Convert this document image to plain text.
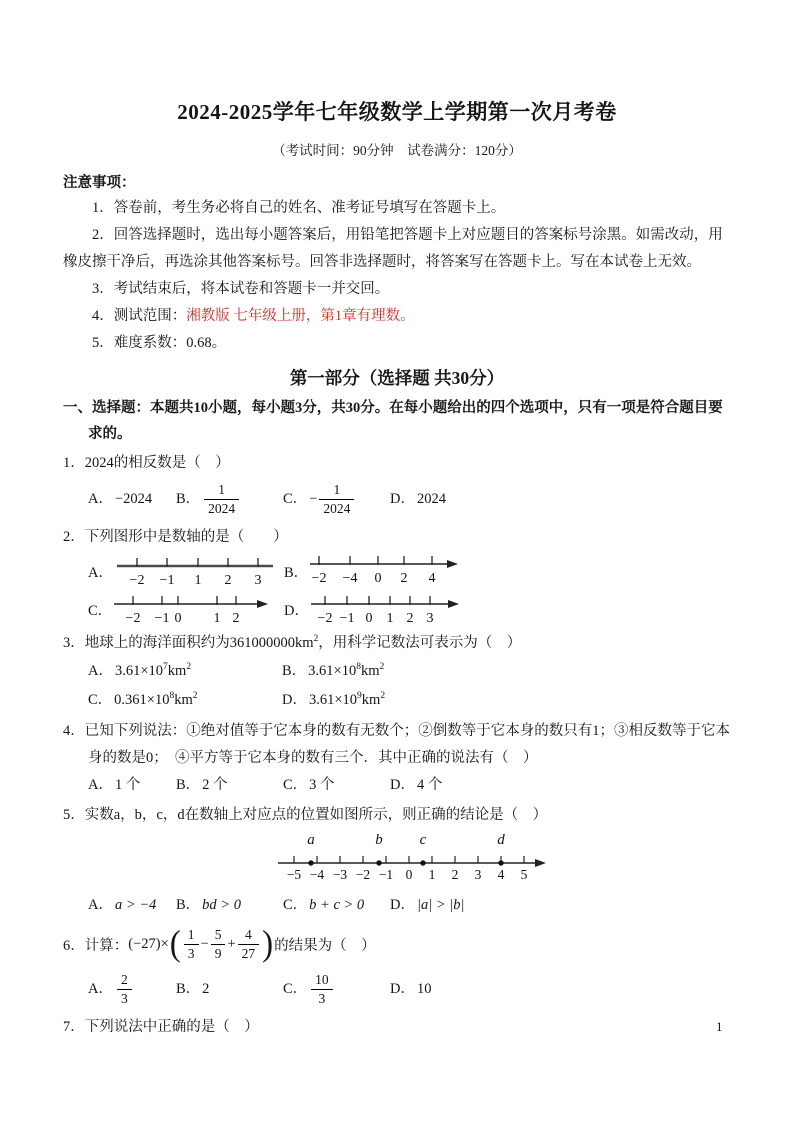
2024-2025学年七年级数学上学期第一次月考卷
（考试时间：90分钟　试卷满分：120分）
注意事项：

1．答卷前，考生务必将自己的姓名、准考证号填写在答题卡上。

2．回答选择题时，选出每小题答案后，用铅笔把答题卡上对应题目的答案标号涂黑。如需改动，用橡皮擦干净后，再选涂其他答案标号。回答非选择题时，将答案写在答题卡上。写在本试卷上无效。

3．考试结束后，将本试卷和答题卡一并交回。

4．测试范围：湘教版 七年级上册，第1章有理数。

5．难度系数：0.68。

第一部分（选择题 共30分）
一、选择题：本题共10小题，每小题3分，共30分。在每小题给出的四个选项中，只有一项是符合题目要求的。
1．2024的相反数是（　）
A． −2024 B． $\frac{1}{2024}$	C． − $\frac{1}{2024}$ D． 2024
2．下列图形中是数轴的是（　　）
A． −2 −1 1 2 3 B． −2 −4 0 2 4
C． −2 −1 0 1 2	D． −2 −1 0 1 2 3
3．地球上的海洋面积约为$361000000km^2$，用科学记数法可表示为（　）
A． $3.61\times 10^7km^2$	B． $3.61\times 10^8km^2$
C． $0.361\times 10^8km^2$	D． $3.61\times 10^9km^2$
4．已知下列说法：①绝对值等于它本身的数有无数个；②倒数等于它本身的数只有1；③相反数等于它本身的数是0；　④平方等于它本身的数有三个．其中正确的说法有（　）
A． 1 个 B． 2 个	C． 3 个	D． 4 个
5．实数a，b，c，d在数轴上对应点的位置如图所示，则正确的结论是（　）
−5 −4 −3 −2 −1 0 1 2 3 4 5
a	b c	d
A． a > −4 B． bd > 0	C． b + c > 0 D． |a| > |b|
6．计算： (−27)× ( $\frac{1}{3} - \frac{5}{9} + \frac{4}{27}$ ) 的结果为（　）
A． $\frac{2}{3}$	B． 2	C． $\frac{10}{3}$	D． 10
7．下列说法中正确的是（　）	1
